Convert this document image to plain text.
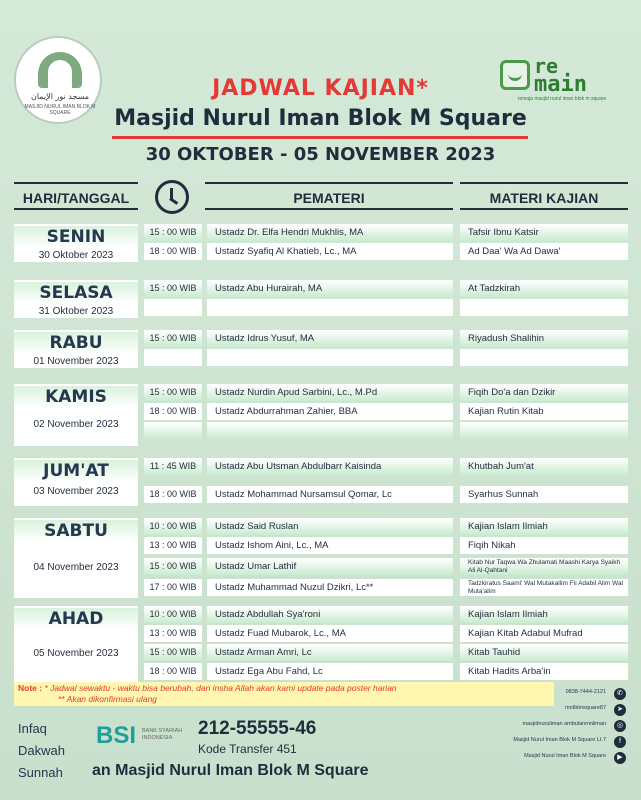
مسجد نور الإيمان
MASJID NURUL IMAN BLOK M SQUARE
re
main
remaja masjid nurul iman blok m square
JADWAL KAJIAN*
Masjid Nurul Iman Blok M Square
30 OKTOBER - 05 NOVEMBER 2023
HARI/TANGGAL	PEMATERI	MATERI KAJIAN
SENIN
30 Oktober 2023
15 : 00 WIB	Ustadz Dr. Elfa Hendri Mukhlis, MA	Tafsir Ibnu Katsir
18 : 00 WIB	Ustadz Syafiq Al Khatieb, Lc., MA	Ad Daa' Wa Ad Dawa'
SELASA
31 Oktober 2023
15 : 00 WIB	Ustadz Abu Hurairah, MA	At Tadzkirah
RABU
01 November 2023
15 : 00 WIB	Ustadz Idrus Yusuf, MA	Riyadush Shalihin
KAMIS
02 November 2023
15 : 00 WIB	Ustadz Nurdin Apud Sarbini, Lc., M.Pd	Fiqih Do'a dan Dzikir
18 : 00 WIB	Ustadz Abdurrahman Zahier, BBA	Kajian Rutin Kitab
JUM'AT
03 November 2023
11 : 45 WIB	Ustadz Abu Utsman Abdulbarr Kaisinda	Khutbah Jum'at
18 : 00 WIB	Ustadz Mohammad Nursamsul Qomar, Lc	Syarhus Sunnah
SABTU
04 November 2023
10 : 00 WIB	Ustadz Said Ruslan	Kajian Islam Ilmiah
13 : 00 WIB	Ustadz Ishom Aini, Lc., MA	Fiqih Nikah
15 : 00 WIB	Ustadz Umar Lathif	Kitab Nur Taqwa Wa Zhulamati Maashi Karya Syaikh Ali Al-Qahtani
17 : 00 WIB	Ustadz Muhammad Nuzul Dzikri, Lc**	Tadzkiratus Saami' Wal Mutakallim Fii Adabil Alim Wal Muta'alim
AHAD
05 November 2023
10 : 00 WIB	Ustadz Abdullah Sya'roni	Kajian Islam Ilmiah
13 : 00 WIB	Ustadz Fuad Mubarok, Lc., MA	Kajian Kitab Adabul Mufrad
15 : 00 WIB	Ustadz Arman Amri, Lc	Kitab Tauhid
18 : 00 WIB	Ustadz Ega Abu Fahd, Lc	Kitab Hadits Arba'in
Note : * Jadwal sewaktu - waktu bisa berubah, dan insha Allah akan kami update pada poster harian
** Akan dikonfirmasi ulang
Infaq
Dakwah
Sunnah
BSI BANK SYARIAH INDONESIA	212-55555-46
Kode Transfer 451
an Masjid Nurul Iman Blok M Square
0838-7444-2121	✆
mnIblmsquare87	➤
masjidnuruliman ambulanmnliman	◎
Masjid Nurul Iman Blok M Square Lt.7	f
Masjid Nurul Iman Blok M Square	▶
